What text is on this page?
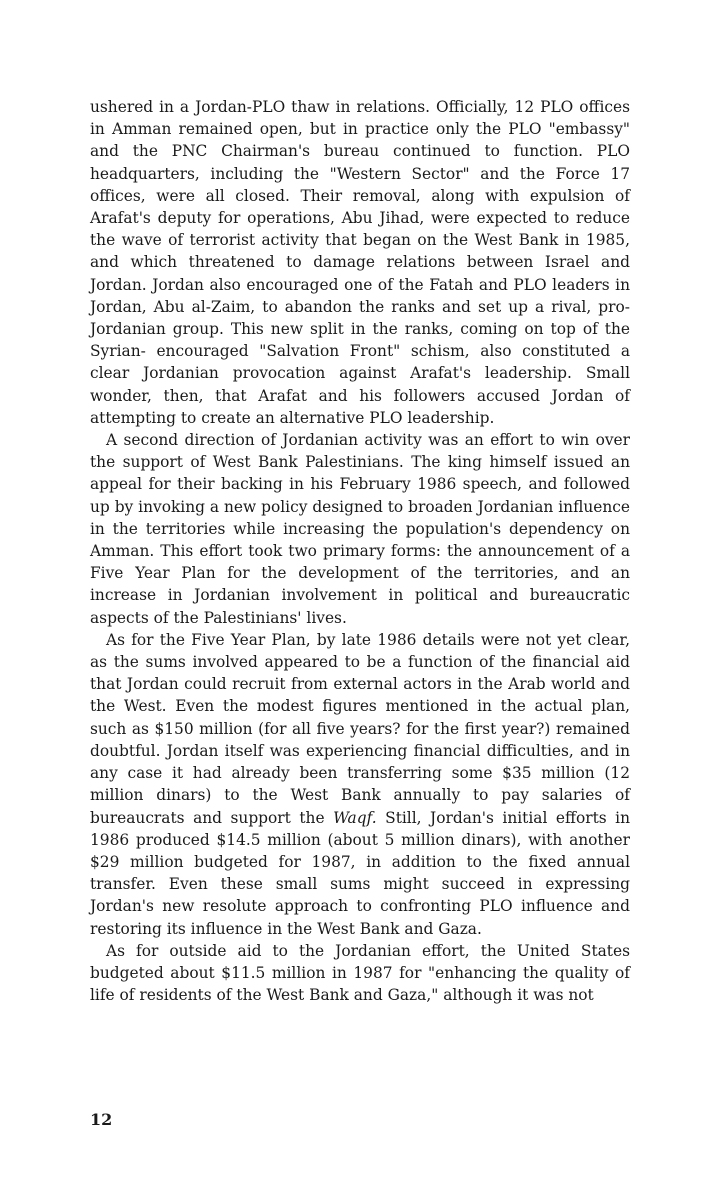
ushered in a Jordan-PLO thaw in relations. Officially, 12 PLO offices in Amman remained open, but in practice only the PLO "embassy" and the PNC Chairman's bureau continued to function. PLO headquarters, including the "Western Sector" and the Force 17 offices, were all closed. Their removal, along with expulsion of Arafat's deputy for operations, Abu Jihad, were expected to reduce the wave of terrorist activity that began on the West Bank in 1985, and which threatened to damage relations between Israel and Jordan. Jordan also encouraged one of the Fatah and PLO leaders in Jordan, Abu al-Zaim, to abandon the ranks and set up a rival, pro-Jordanian group. This new split in the ranks, coming on top of the Syrian- encouraged "Salvation Front" schism, also constituted a clear Jordanian provocation against Arafat's leadership. Small wonder, then, that Arafat and his followers accused Jordan of attempting to create an alternative PLO leadership.

A second direction of Jordanian activity was an effort to win over the support of West Bank Palestinians. The king himself issued an appeal for their backing in his February 1986 speech, and followed up by invoking a new policy designed to broaden Jordanian influence in the territories while increasing the population's dependency on Amman. This effort took two primary forms: the announcement of a Five Year Plan for the development of the territories, and an increase in Jordanian involvement in political and bureaucratic aspects of the Palestinians' lives.

As for the Five Year Plan, by late 1986 details were not yet clear, as the sums involved appeared to be a function of the financial aid that Jordan could recruit from external actors in the Arab world and the West. Even the modest figures mentioned in the actual plan, such as $150 million (for all five years? for the first year?) remained doubtful. Jordan itself was experiencing financial difficulties, and in any case it had already been transferring some $35 million (12 million dinars) to the West Bank annually to pay salaries of bureaucrats and support the Waqf. Still, Jordan's initial efforts in 1986 produced $14.5 million (about 5 million dinars), with another $29 million budgeted for 1987, in addition to the fixed annual transfer. Even these small sums might succeed in expressing Jordan's new resolute approach to confronting PLO influence and restoring its influence in the West Bank and Gaza.

As for outside aid to the Jordanian effort, the United States budgeted about $11.5 million in 1987 for "enhancing the quality of life of residents of the West Bank and Gaza," although it was not

12
